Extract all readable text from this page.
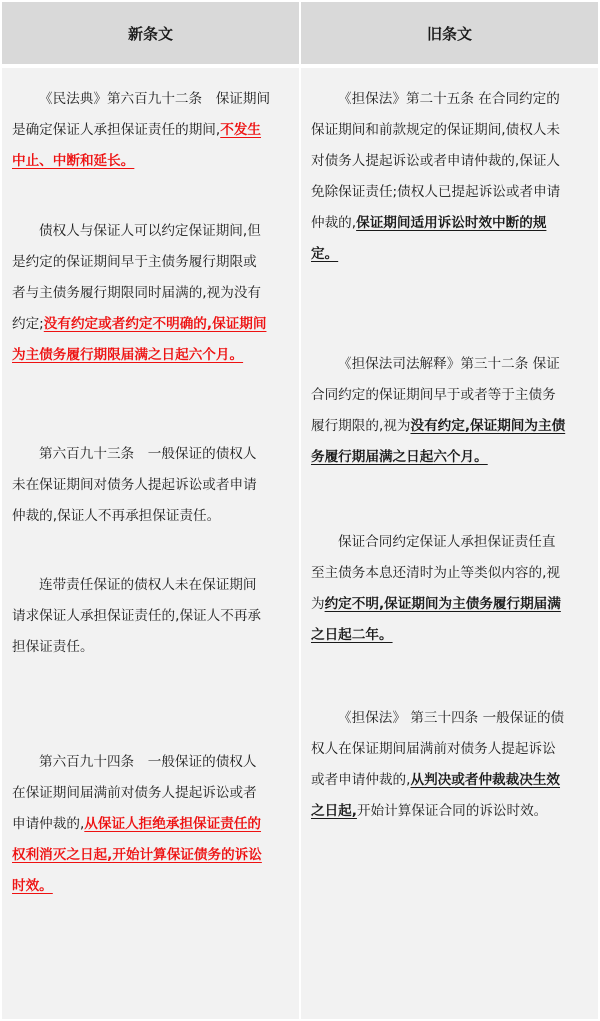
新条文	旧条文
《民法典》第六百九十二条　保证期间
是确定保证人承担保证责任的期间,不发生
中止、中断和延长。
债权人与保证人可以约定保证期间,但
是约定的保证期间早于主债务履行期限或
者与主债务履行期限同时届满的,视为没有
约定;没有约定或者约定不明确的,保证期间
为主债务履行期限届满之日起六个月。
第六百九十三条　一般保证的债权人
未在保证期间对债务人提起诉讼或者申请
仲裁的,保证人不再承担保证责任。
连带责任保证的债权人未在保证期间
请求保证人承担保证责任的,保证人不再承
担保证责任。
第六百九十四条　一般保证的债权人
在保证期间届满前对债务人提起诉讼或者
申请仲裁的,从保证人拒绝承担保证责任的
权利消灭之日起,开始计算保证债务的诉讼
时效。
《担保法》第二十五条 在合同约定的
保证期间和前款规定的保证期间,债权人未
对债务人提起诉讼或者申请仲裁的,保证人
免除保证责任;债权人已提起诉讼或者申请
仲裁的,保证期间适用诉讼时效中断的规
定。
《担保法司法解释》第三十二条 保证
合同约定的保证期间早于或者等于主债务
履行期限的,视为没有约定,保证期间为主债
务履行期届满之日起六个月。
保证合同约定保证人承担保证责任直
至主债务本息还清时为止等类似内容的,视
为约定不明,保证期间为主债务履行期届满
之日起二年。
《担保法》 第三十四条 一般保证的债
权人在保证期间届满前对债务人提起诉讼
或者申请仲裁的,从判决或者仲裁裁决生效
之日起,开始计算保证合同的诉讼时效。
